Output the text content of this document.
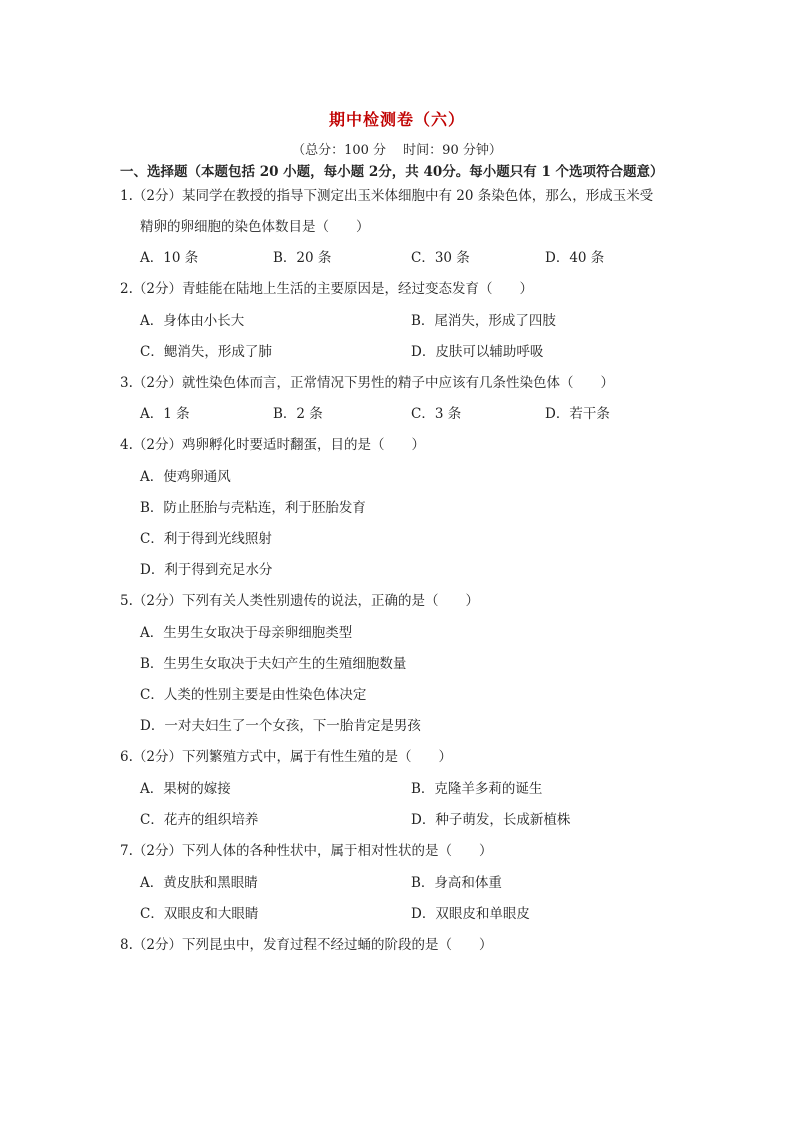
期中检测卷（六）
（总分：100 分　 时间：90 分钟）
一、选择题（本题包括 20 小题，每小题 2分，共 40分。每小题只有 1 个选项符合题意）
1.（2分）某同学在教授的指导下测定出玉米体细胞中有 20 条染色体，那么，形成玉米受
精卵的卵细胞的染色体数目是（　　）
A．10 条	B．20 条	C．30 条	D．40 条
2.（2分）青蛙能在陆地上生活的主要原因是，经过变态发育（　　）
A．身体由小长大	B．尾消失，形成了四肢
C．鳃消失，形成了肺	D．皮肤可以辅助呼吸
3.（2分）就性染色体而言，正常情况下男性的精子中应该有几条性染色体（　　）
A．1 条	B．2 条	C．3 条	D．若干条
4.（2分）鸡卵孵化时要适时翻蛋，目的是（　　）
A．使鸡卵通风
B．防止胚胎与壳粘连，利于胚胎发育
C．利于得到光线照射
D．利于得到充足水分
5.（2分）下列有关人类性别遗传的说法，正确的是（　　）
A．生男生女取决于母亲卵细胞类型
B．生男生女取决于夫妇产生的生殖细胞数量
C．人类的性别主要是由性染色体决定
D．一对夫妇生了一个女孩，下一胎肯定是男孩
6.（2分）下列繁殖方式中，属于有性生殖的是（　　）
A．果树的嫁接	B．克隆羊多莉的诞生
C．花卉的组织培养	D．种子萌发，长成新植株
7.（2分）下列人体的各种性状中，属于相对性状的是（　　）
A．黄皮肤和黑眼睛	B．身高和体重
C．双眼皮和大眼睛	D．双眼皮和单眼皮
8.（2分）下列昆虫中，发育过程不经过蛹的阶段的是（　　）
